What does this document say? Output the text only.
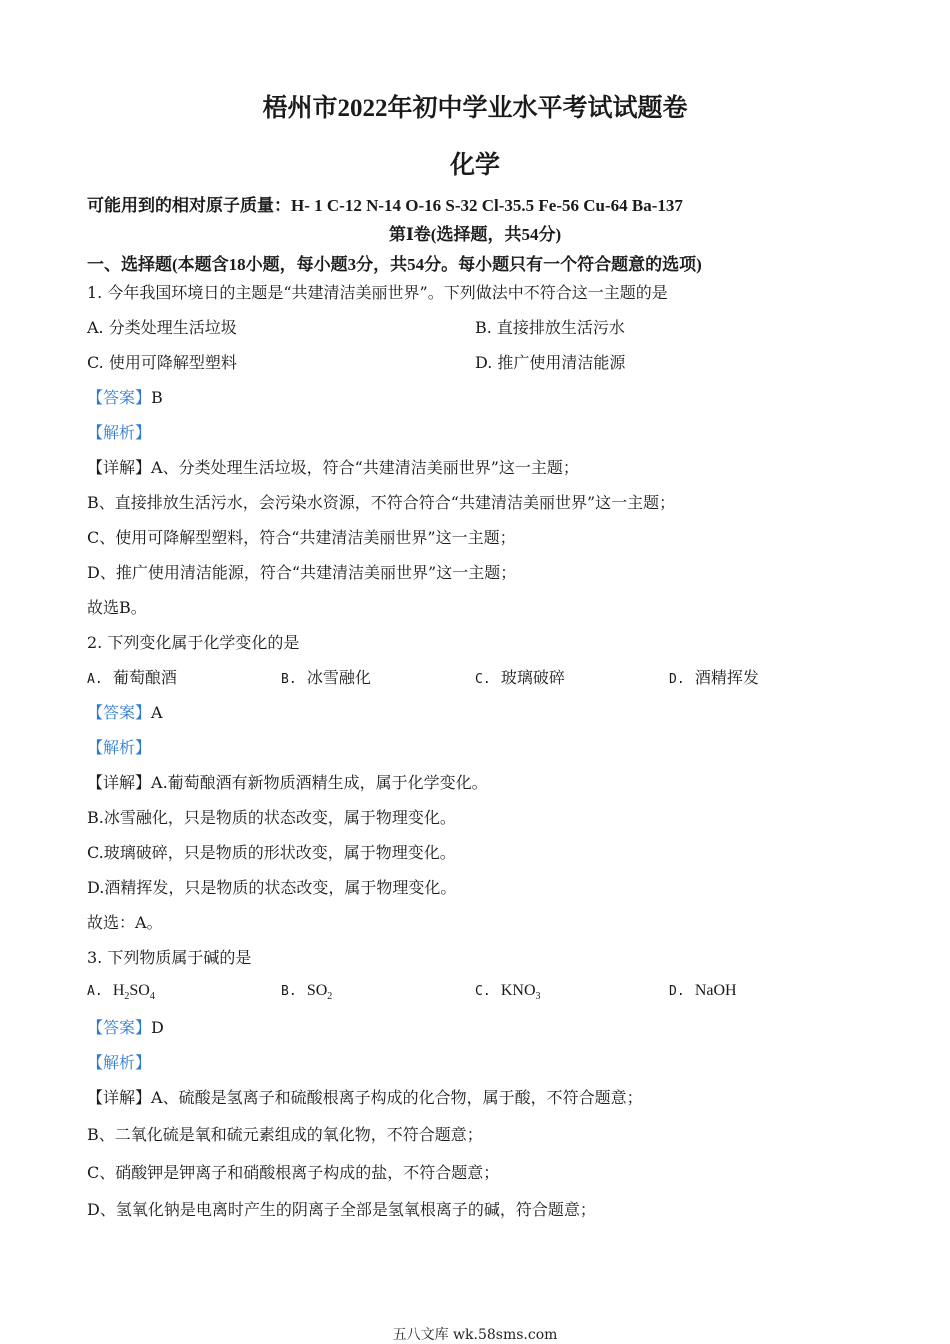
梧州市2022年初中学业水平考试试题卷
化学
可能用到的相对原子质量：H- 1 C-12 N-14 O-16 S-32 Cl-35.5 Fe-56 Cu-64 Ba-137
第Ⅰ卷(选择题，共54分)
一、选择题(本题含18小题，每小题3分，共54分。每小题只有一个符合题意的选项)
1. 今年我国环境日的主题是“共建清洁美丽世界”。下列做法中不符合这一主题的是
A. 分类处理生活垃圾	B. 直接排放生活污水
C. 使用可降解型塑料	D. 推广使用清洁能源
【答案】B
【解析】
【详解】A、分类处理生活垃圾，符合“共建清洁美丽世界”这一主题；
B、直接排放生活污水，会污染水资源，不符合符合“共建清洁美丽世界”这一主题；
C、使用可降解型塑料，符合“共建清洁美丽世界”这一主题；
D、推广使用清洁能源，符合“共建清洁美丽世界”这一主题；
故选B。
2. 下列变化属于化学变化的是
A. 葡萄酿酒	B. 冰雪融化	C. 玻璃破碎	D. 酒精挥发
【答案】A
【解析】
【详解】A.葡萄酿酒有新物质酒精生成，属于化学变化。
B.冰雪融化，只是物质的状态改变，属于物理变化。
C.玻璃破碎，只是物质的形状改变，属于物理变化。
D.酒精挥发，只是物质的状态改变，属于物理变化。
故选：A。
3. 下列物质属于碱的是
A. $H_2SO_4$	B. $SO_2$	C. $KNO_3$	D. NaOH
【答案】D
【解析】
【详解】A、硫酸是氢离子和硫酸根离子构成的化合物，属于酸，不符合题意；
B、二氧化硫是氧和硫元素组成的氧化物，不符合题意；
C、硝酸钾是钾离子和硝酸根离子构成的盐，不符合题意；
D、氢氧化钠是电离时产生的阴离子全部是氢氧根离子的碱，符合题意；
五八文库 wk.58sms.com
